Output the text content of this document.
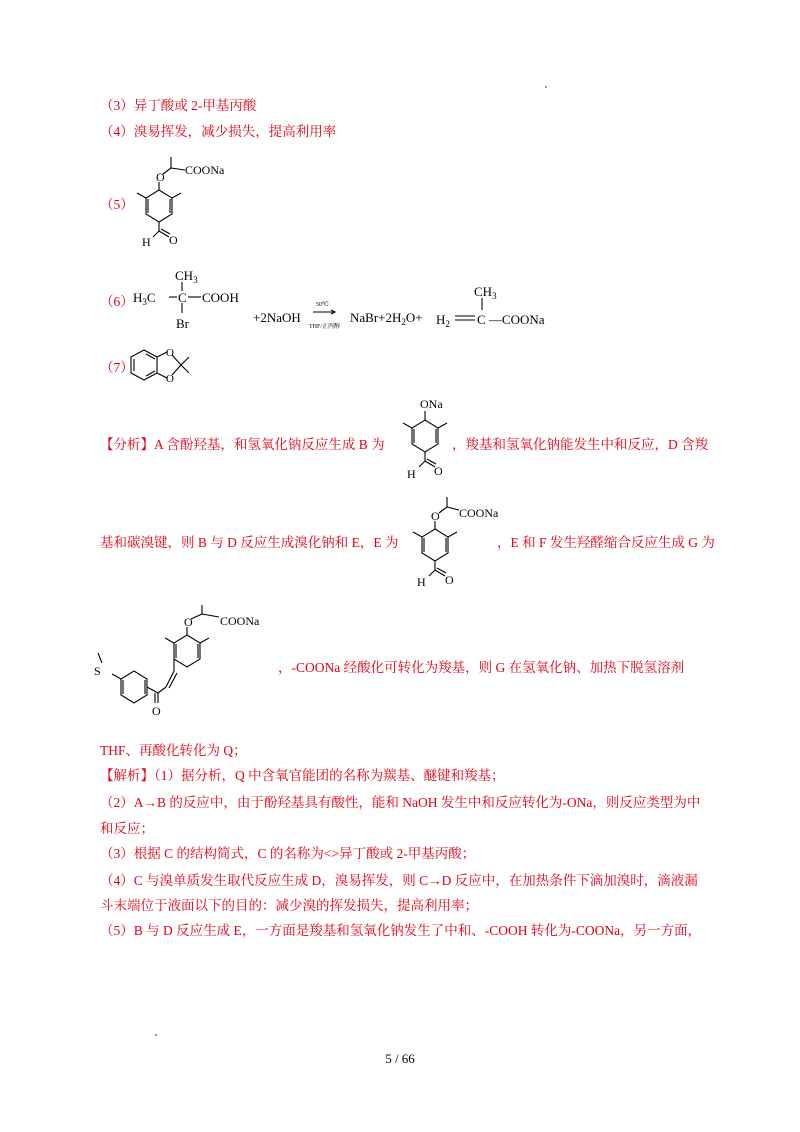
（3）异丁酸或 2-甲基丙酸
（4）溴易挥发，减少损失，提高利用率
（5）
O COONa
O
H
（6）
$CH_3$
$H_3C$ C COOH
Br	+2NaOH
50℃
THF/正丙醇
$NaBr+2H_2O+$
$CH_3$
$H_2$ C —COONa
（7）
O
O
ONa
O
H
【分析】A 含酚羟基，和氢氧化钠反应生成 B 为	，羧基和氢氧化钠能发生中和反应，D 含羧
O COONa
O
H
基和碳溴键，则 B 与 D 反应生成溴化钠和 E，E 为	，E 和 F 发生羟醛缩合反应生成 G 为
O COONa
O
S	，-COONa 经酸化可转化为羧基，则 G 在氢氧化钠、加热下脱氢溶剂
THF、再酸化转化为 Q；
【解析】（1）据分析，Q 中含氧官能团的名称为羰基、醚键和羧基；
（2）A→B 的反应中，由于酚羟基具有酸性，能和 NaOH 发生中和反应转化为-ONa，则反应类型为中
和反应；
（3）根据 C 的结构简式，C 的名称为<>异丁酸或 2-甲基丙酸；
（4）C 与溴单质发生取代反应生成 D，溴易挥发，则 C→D 反应中，在加热条件下滴加溴时，滴液漏
斗末端位于液面以下的目的：减少溴的挥发损失，提高利用率；
（5）B 与 D 反应生成 E，一方面是羧基和氢氧化钠发生了中和、-COOH 转化为-COONa，另一方面，
5 / 66
